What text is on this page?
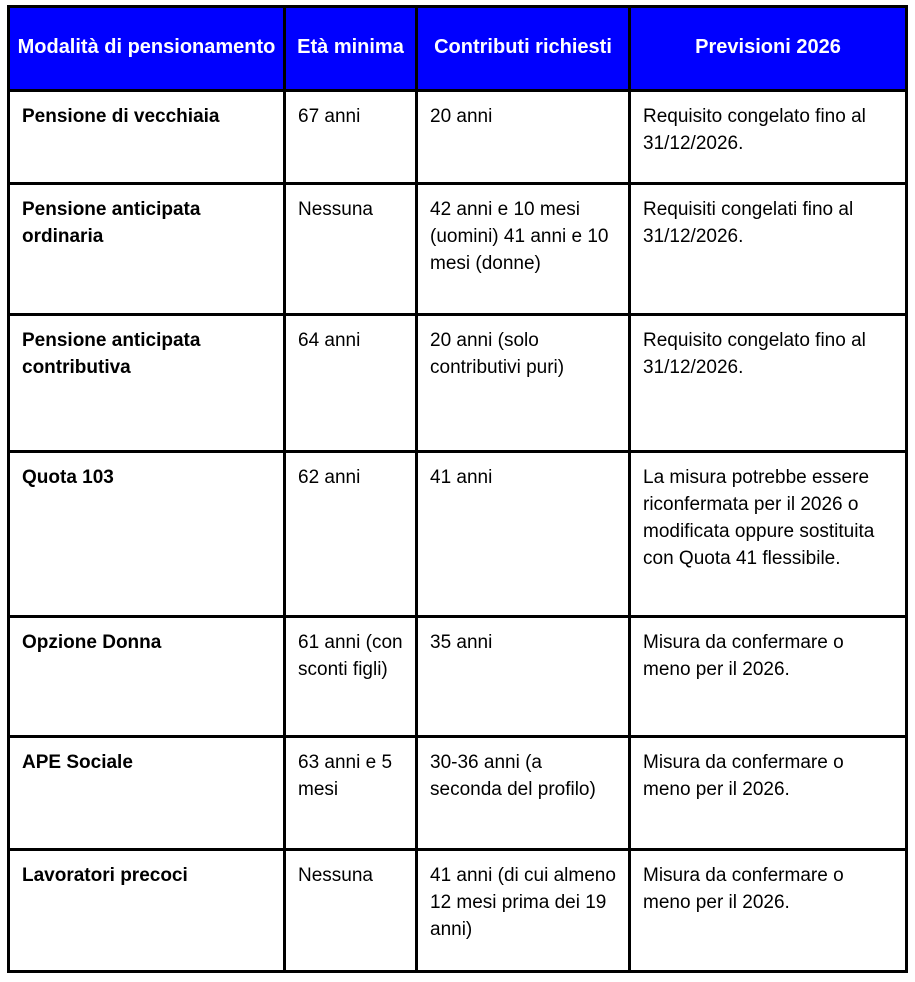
Modalità di pensionamento	Età minima	Contributi richiesti	Previsioni 2026
Pensione di vecchiaia	67 anni	20 anni	Requisito congelato fino al 31/12/2026.
Pensione anticipata ordinaria	Nessuna	42 anni e 10 mesi (uomini) 41 anni e 10 mesi (donne)	Requisiti congelati fino al 31/12/2026.
Pensione anticipata contributiva	64 anni	20 anni (solo contributivi puri)	Requisito congelato fino al 31/12/2026.
Quota 103	62 anni	41 anni	La misura potrebbe essere riconfermata per il 2026 o modificata oppure sostituita con Quota 41 flessibile.
Opzione Donna	61 anni (con sconti figli)	35 anni	Misura da confermare o meno per il 2026.
APE Sociale	63 anni e 5 mesi	30-36 anni (a seconda del profilo)	Misura da confermare o meno per il 2026.
Lavoratori precoci	Nessuna	41 anni (di cui almeno 12 mesi prima dei 19 anni)	Misura da confermare o meno per il 2026.
